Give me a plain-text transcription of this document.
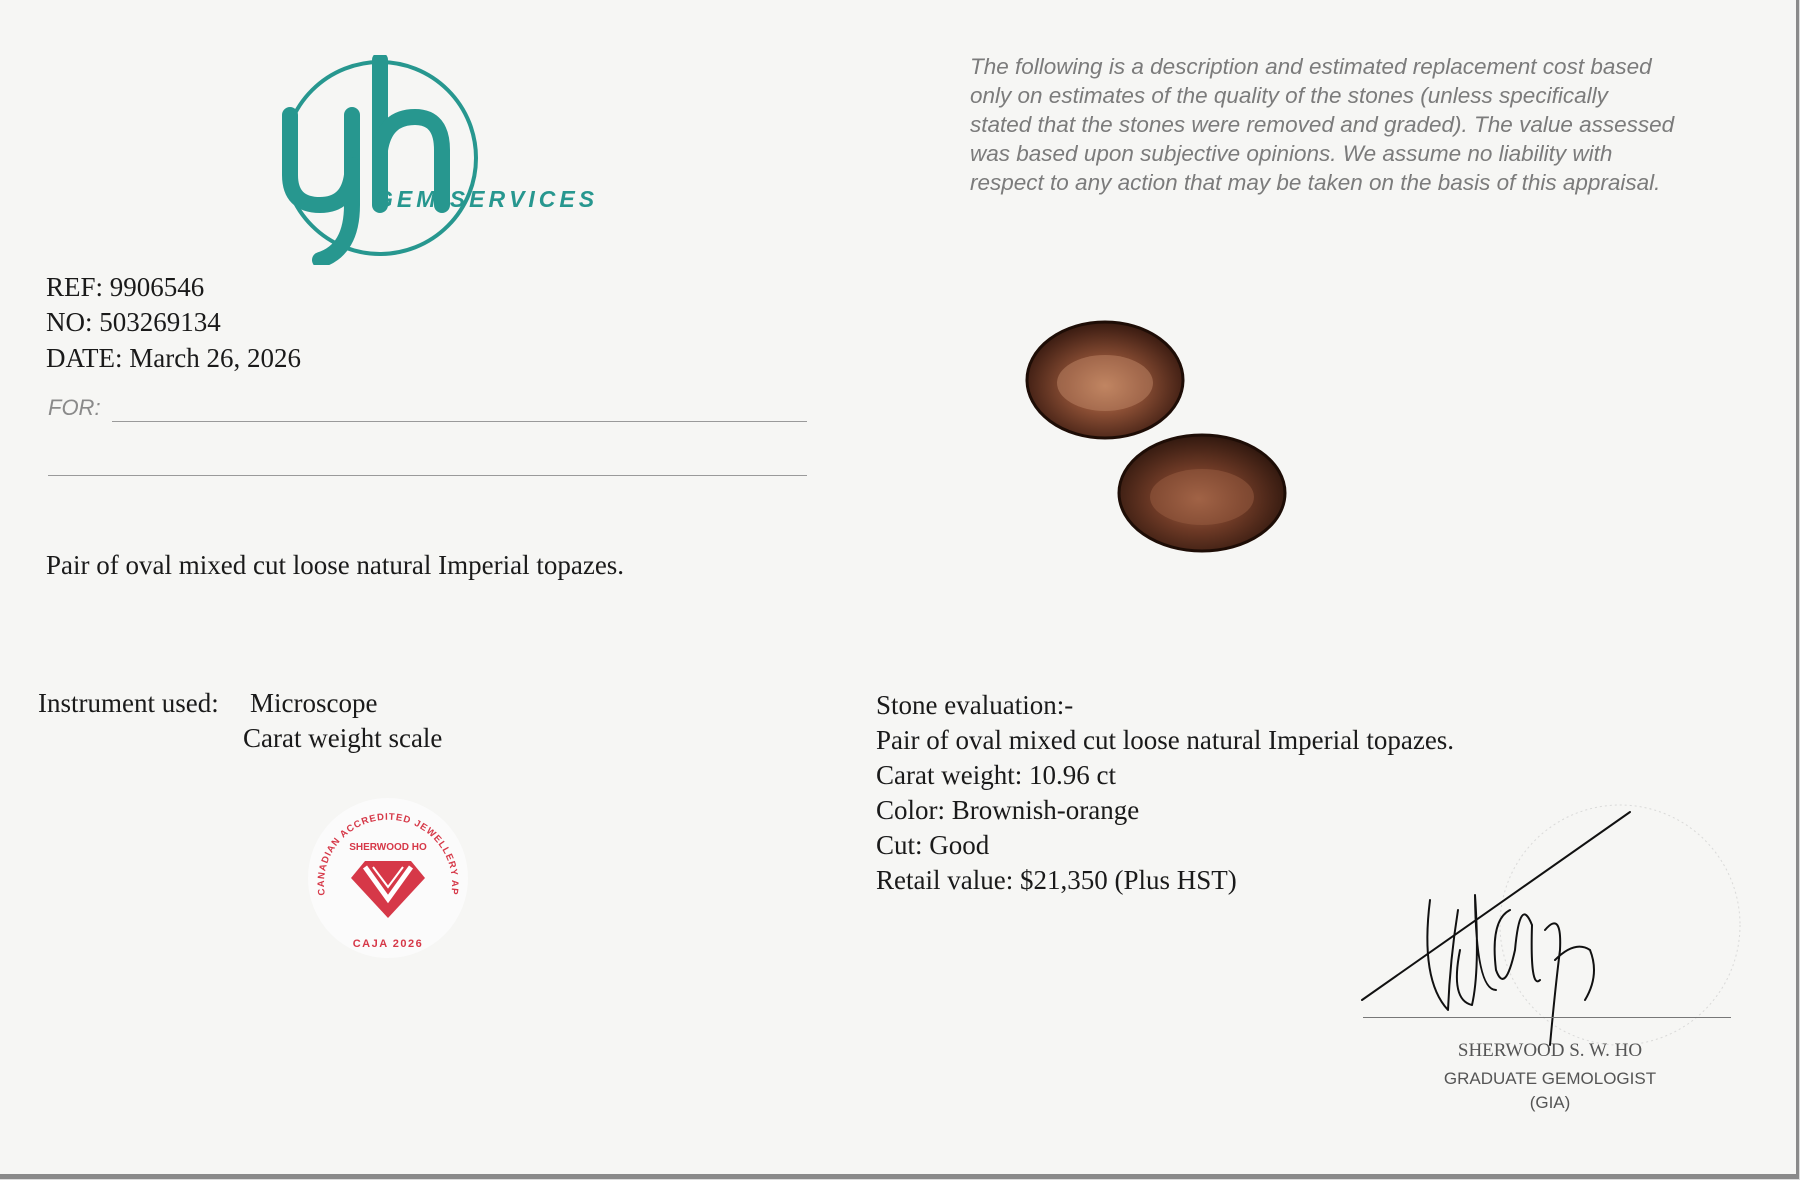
GEM SERVICES
The following is a description and estimated replacement cost based
only on estimates of the quality of the stones (unless specifically
stated that the stones were removed and graded). The value assessed
was based upon subjective opinions. We assume no liability with
respect to any action that may be taken on the basis of this appraisal.
REF: 9906546
NO: 503269134
DATE: March 26, 2026
FOR:
Pair of oval mixed cut loose natural Imperial topazes.
Instrument used: Microscope
Carat weight scale
CANADIAN ACCREDITED JEWELLERY AP
SHERWOOD HO
CAJA 2026
Stone evaluation:-
Pair of oval mixed cut loose natural Imperial topazes.
Carat weight: 10.96 ct
Color: Brownish-orange
Cut: Good
Retail value: $21,350 (Plus HST)
SHERWOOD S. W. HO
GRADUATE GEMOLOGIST
(GIA)
